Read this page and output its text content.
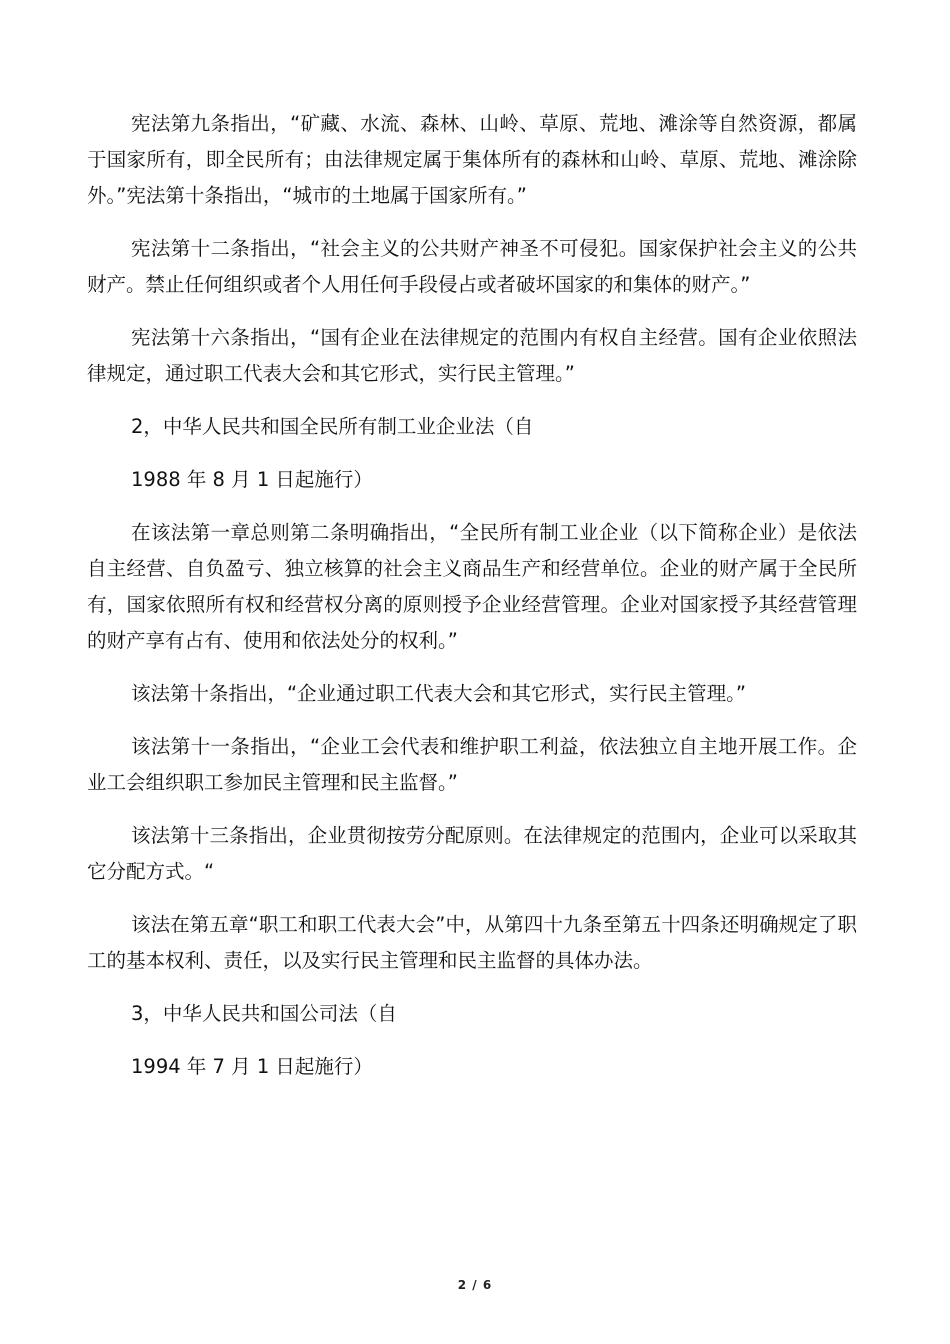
宪法第九条指出，“矿藏、水流、森林、山岭、草原、荒地、滩涂等自然资源，都属于国家所有，即全民所有；由法律规定属于集体所有的森林和山岭、草原、荒地、滩涂除外。”宪法第十条指出，“城市的土地属于国家所有。”

宪法第十二条指出，“社会主义的公共财产神圣不可侵犯。国家保护社会主义的公共财产。禁止任何组织或者个人用任何手段侵占或者破坏国家的和集体的财产。”

宪法第十六条指出，“国有企业在法律规定的范围内有权自主经营。国有企业依照法律规定，通过职工代表大会和其它形式，实行民主管理。”

2，中华人民共和国全民所有制工业企业法（自

1988 年 8 月 1 日起施行）

在该法第一章总则第二条明确指出，“全民所有制工业企业（以下简称企业）是依法自主经营、自负盈亏、独立核算的社会主义商品生产和经营单位。企业的财产属于全民所有，国家依照所有权和经营权分离的原则授予企业经营管理。企业对国家授予其经营管理的财产享有占有、使用和依法处分的权利。”

该法第十条指出，“企业通过职工代表大会和其它形式，实行民主管理。”

该法第十一条指出，“企业工会代表和维护职工利益，依法独立自主地开展工作。企业工会组织职工参加民主管理和民主监督。”

该法第十三条指出，企业贯彻按劳分配原则。在法律规定的范围内，企业可以采取其它分配方式。“

该法在第五章“职工和职工代表大会”中，从第四十九条至第五十四条还明确规定了职工的基本权利、责任，以及实行民主管理和民主监督的具体办法。

3，中华人民共和国公司法（自

1994 年 7 月 1 日起施行）

2 / 6
